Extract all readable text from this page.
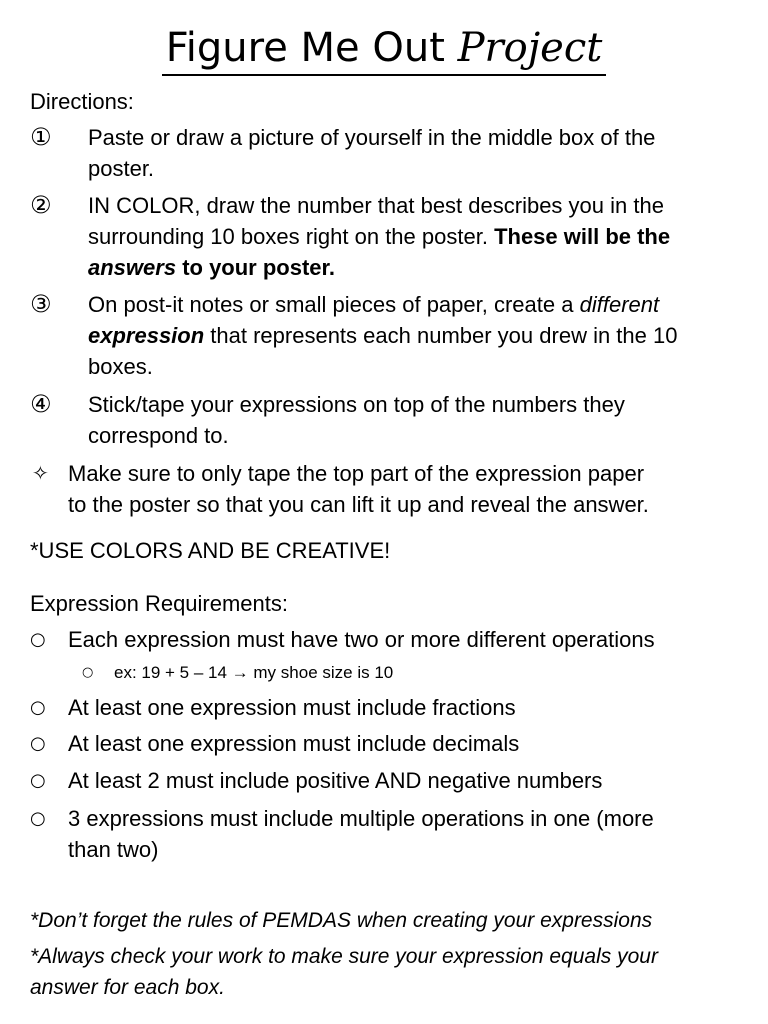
Figure Me Out Project
Directions:
① Paste or draw a picture of yourself in the middle box of the
poster.
② IN COLOR, draw the number that best describes you in the
surrounding 10 boxes right on the poster. These will be the
answers to your poster.
③ On post-it notes or small pieces of paper, create a different
expression that represents each number you drew in the 10
boxes.
④ Stick/tape your expressions on top of the numbers they
correspond to.
✧ Make sure to only tape the top part of the expression paper
to the poster so that you can lift it up and reveal the answer.
*USE COLORS AND BE CREATIVE!
Expression Requirements:
○ Each expression must have two or more different operations
○ ex: 19 + 5 – 14 → my shoe size is 10
○ At least one expression must include fractions
○ At least one expression must include decimals
○ At least 2 must include positive AND negative numbers
○ 3 expressions must include multiple operations in one (more
than two)
*Don’t forget the rules of PEMDAS when creating your expressions
*Always check your work to make sure your expression equals your
answer for each box.
